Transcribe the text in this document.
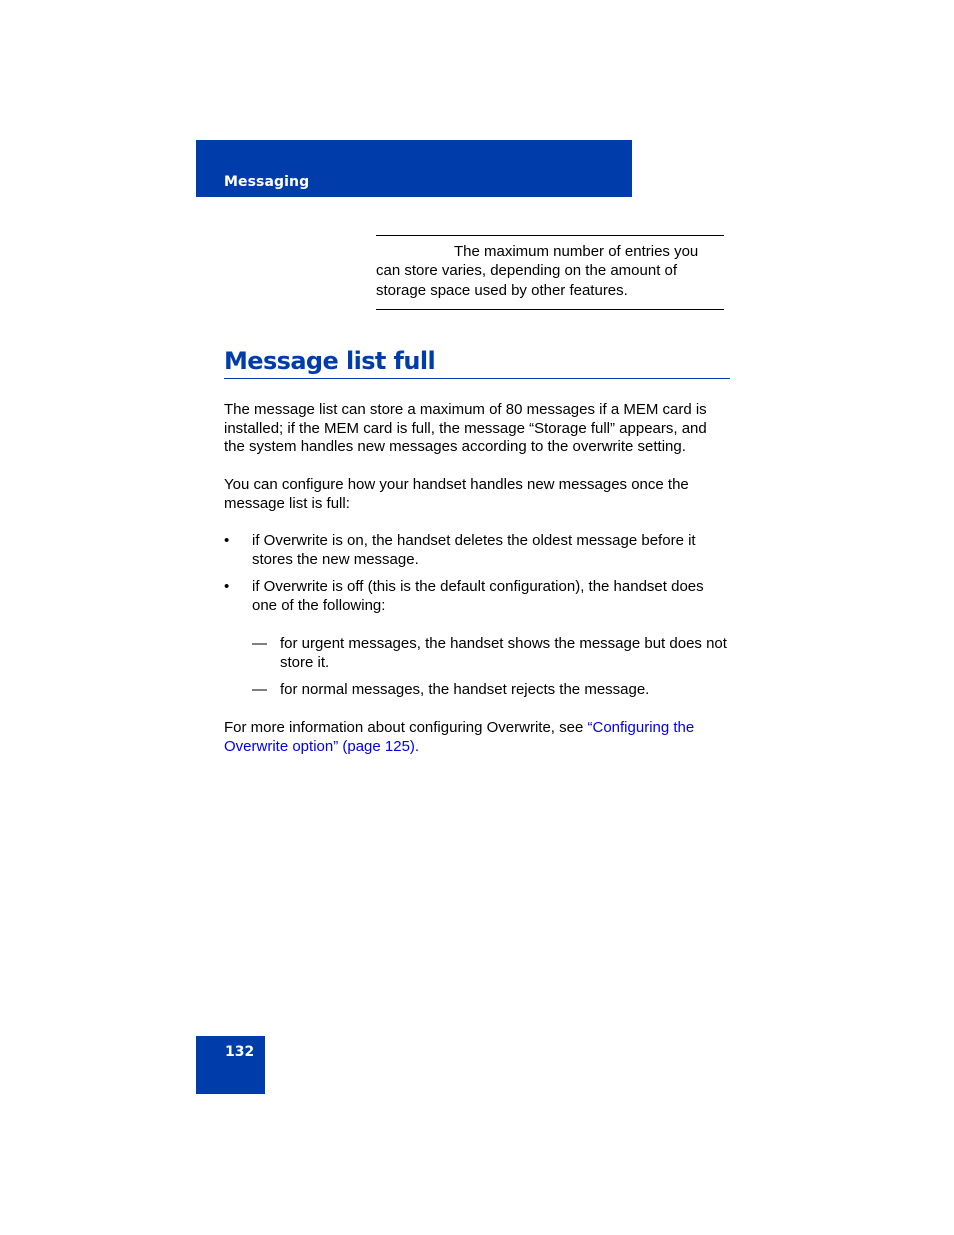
Messaging
The maximum number of entries you can store varies, depending on the amount of storage space used by other features.
Message list full

The message list can store a maximum of 80 messages if a MEM card is installed; if the MEM card is full, the message “Storage full” appears, and the system handles new messages according to the overwrite setting.

You can configure how your handset handles new messages once the message list is full:

• if Overwrite is on, the handset deletes the oldest message before it stores the new message.
• if Overwrite is off (this is the default configuration), the handset does one of the following:
— for urgent messages, the handset shows the message but does not store it.
— for normal messages, the handset rejects the message.

For more information about configuring Overwrite, see “Configuring the Overwrite option” (page 125).

132
